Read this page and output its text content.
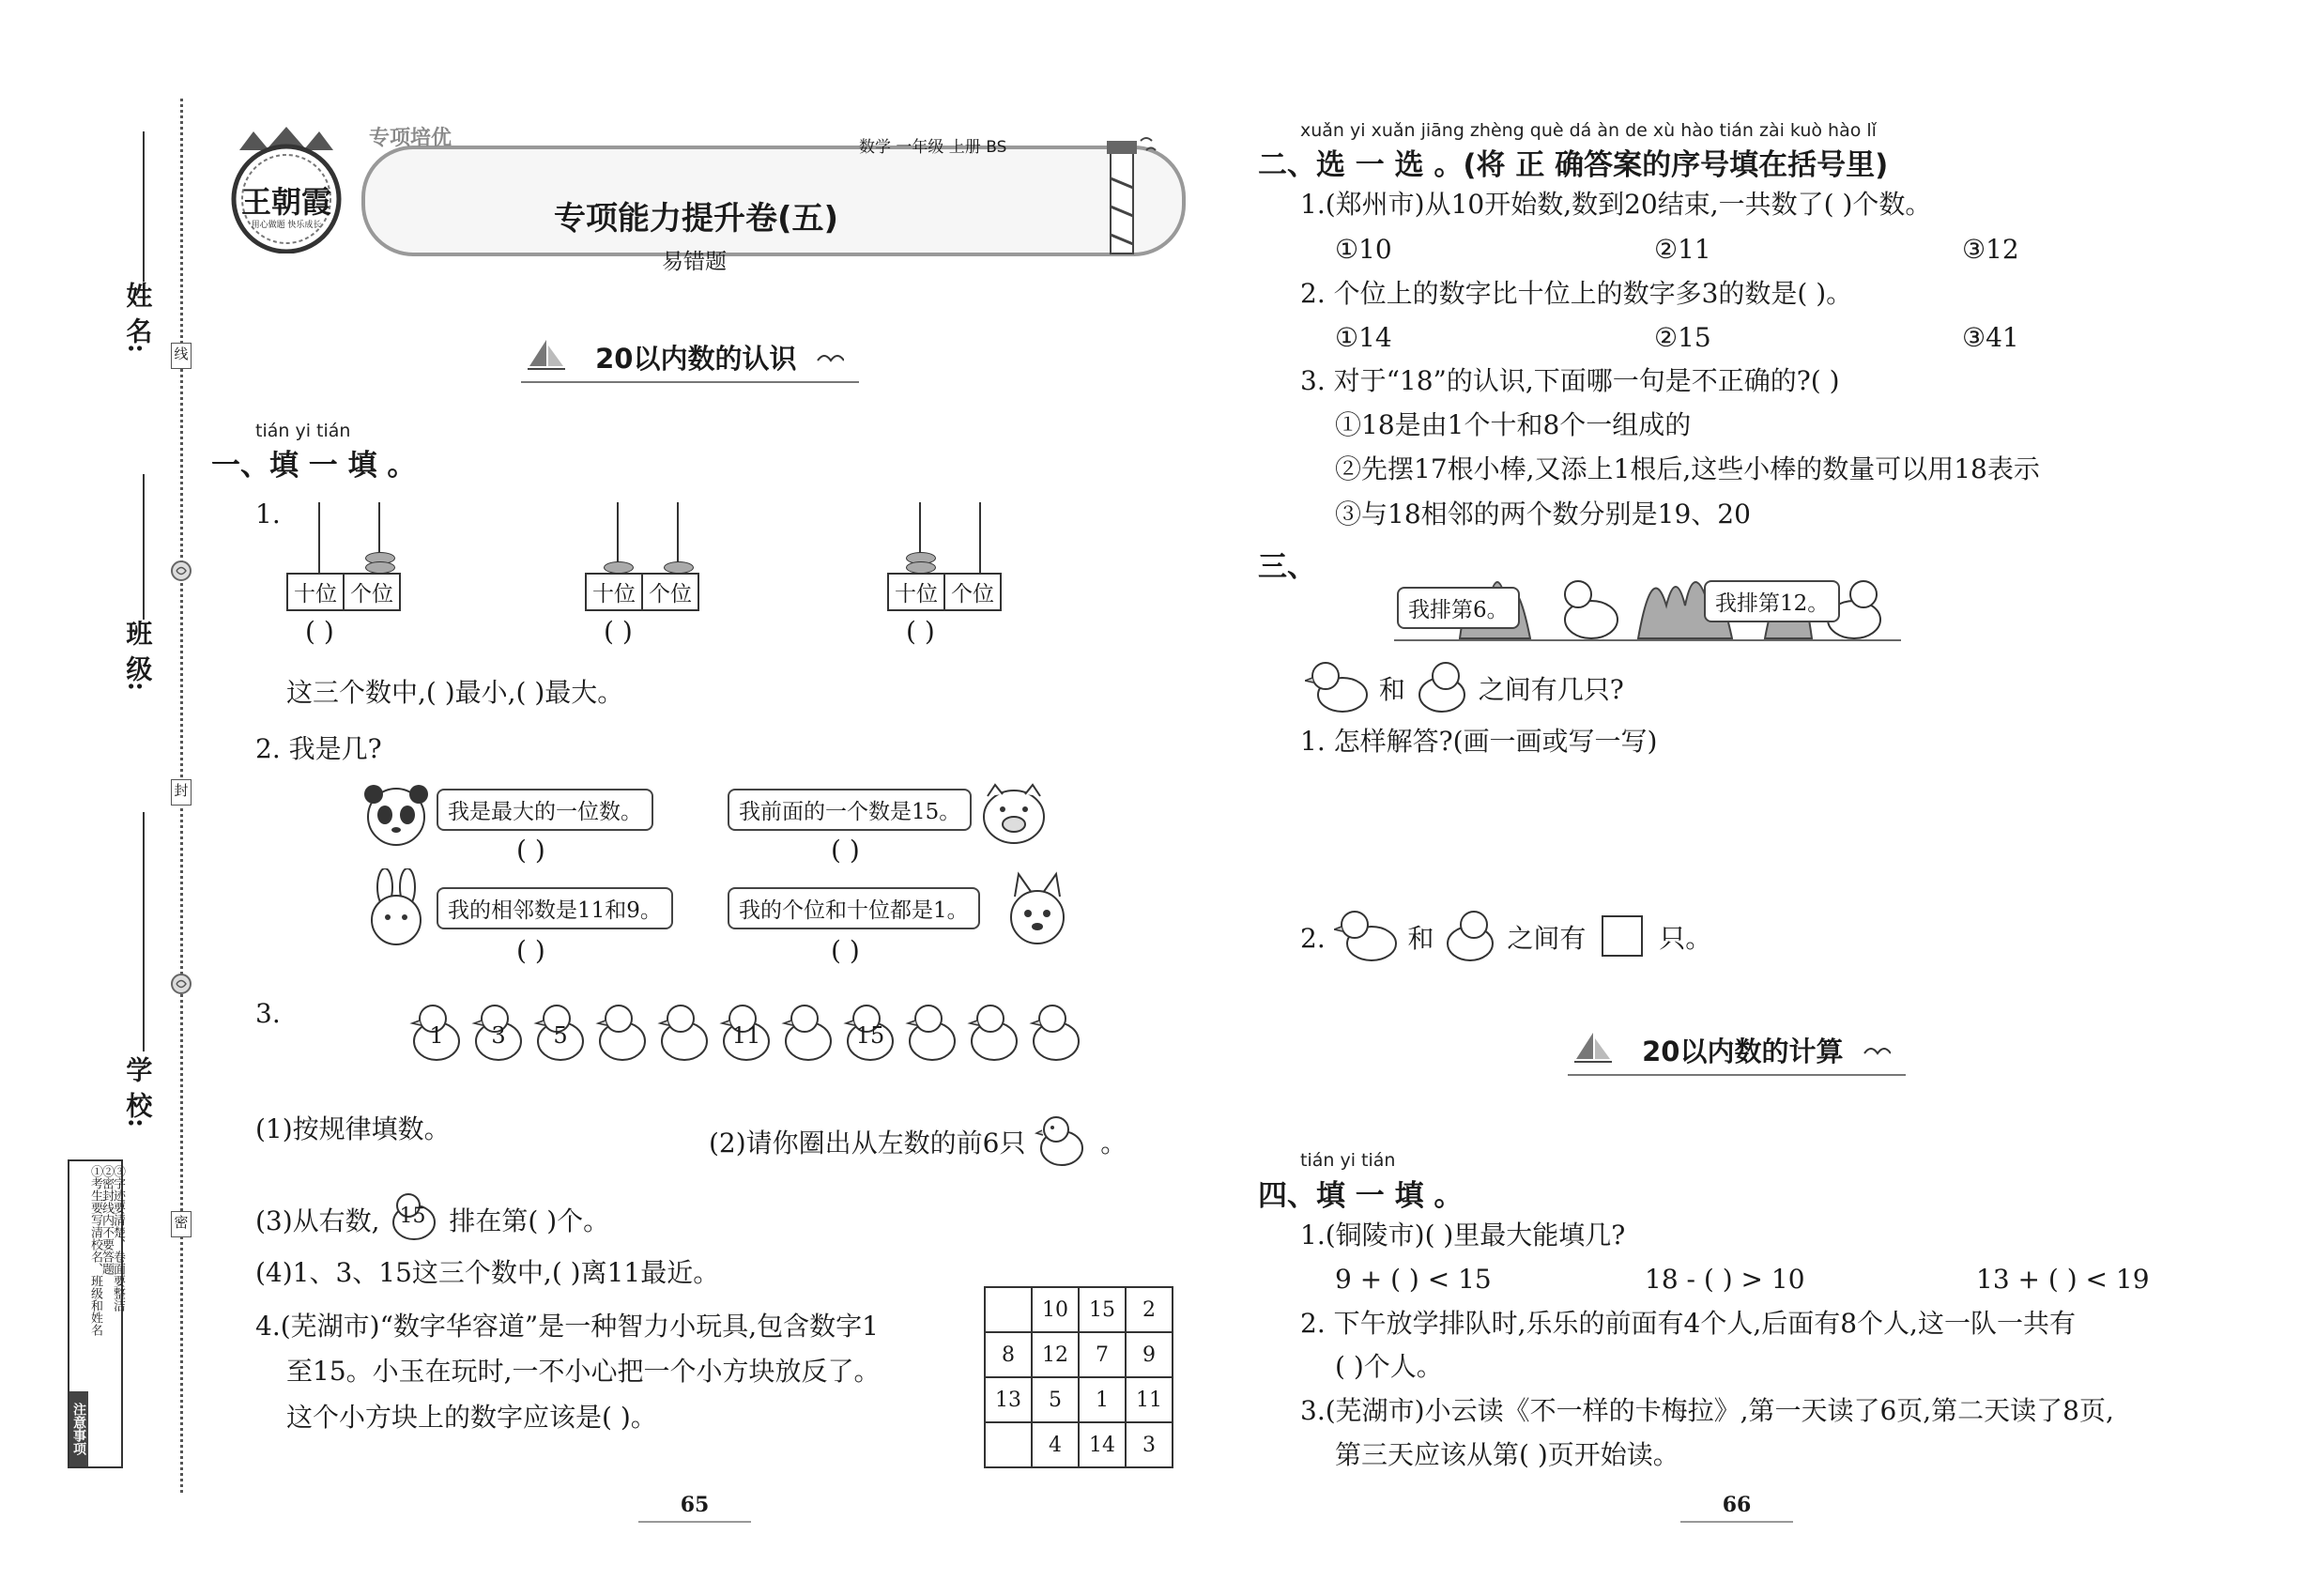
姓 名:
班 级:
学 校:
线
封
密
注意事项
①考生要写清校名、班级和姓名
②密封线内不要答题
③字迹要清楚、卷面要整洁
王朝霞
用心做题 快乐成长
专项培优	数学 一年级 上册 BS
专项能力提升卷(五)
易错题
20以内数的认识
tián yi tián
一、填 一 填 。
1.
十位	个位
( )
十位	个位
( )
十位	个位
( )
这三个数中,( )最小,( )最大。
2. 我是几?
我是最大的一位数。
( )
我前面的一个数是15。
( )
我的相邻数是11和9。
( )
我的个位和十位都是1。
( )
3.
1	3	5	11	15
(1)按规律填数。	(2)请你圈出从左数的前6只	。
(3)从右数, 15 排在第( )个。
(4)1、3、15这三个数中,( )离11最近。
4.(芜湖市)“数字华容道”是一种智力小玩具,包含数字1
至15。小玉在玩时,一不小心把一个小方块放反了。
这个小方块上的数字应该是( )。
	10	15	2
8	12	7	9
13	5	1	11
	4	14	3
65
xuǎn yi xuǎn jiāng zhèng què dá àn de xù hào tián zài kuò hào lǐ
二、选 一 选 。(将 正 确答案的序号填在括号里)
1.(郑州市)从10开始数,数到20结束,一共数了( )个数。
①10	②11	③12
2. 个位上的数字比十位上的数字多3的数是( )。
①14	②15	③41
3. 对于“18”的认识,下面哪一句是不正确的?( )
①18是由1个十和8个一组成的
②先摆17根小棒,又添上1根后,这些小棒的数量可以用18表示
③与18相邻的两个数分别是19、20
三、
我排第6。	我排第12。
和	之间有几只?
1. 怎样解答?(画一画或写一写)
2.	和	之间有	只。
20以内数的计算
tián yi tián
四、填 一 填 。
1.(铜陵市)( )里最大能填几?
9 + ( ) < 15	18 - ( ) > 10	13 + ( ) < 19
2. 下午放学排队时,乐乐的前面有4个人,后面有8个人,这一队一共有
( )个人。
3.(芜湖市)小云读《不一样的卡梅拉》,第一天读了6页,第二天读了8页,
第三天应该从第( )页开始读。
66
